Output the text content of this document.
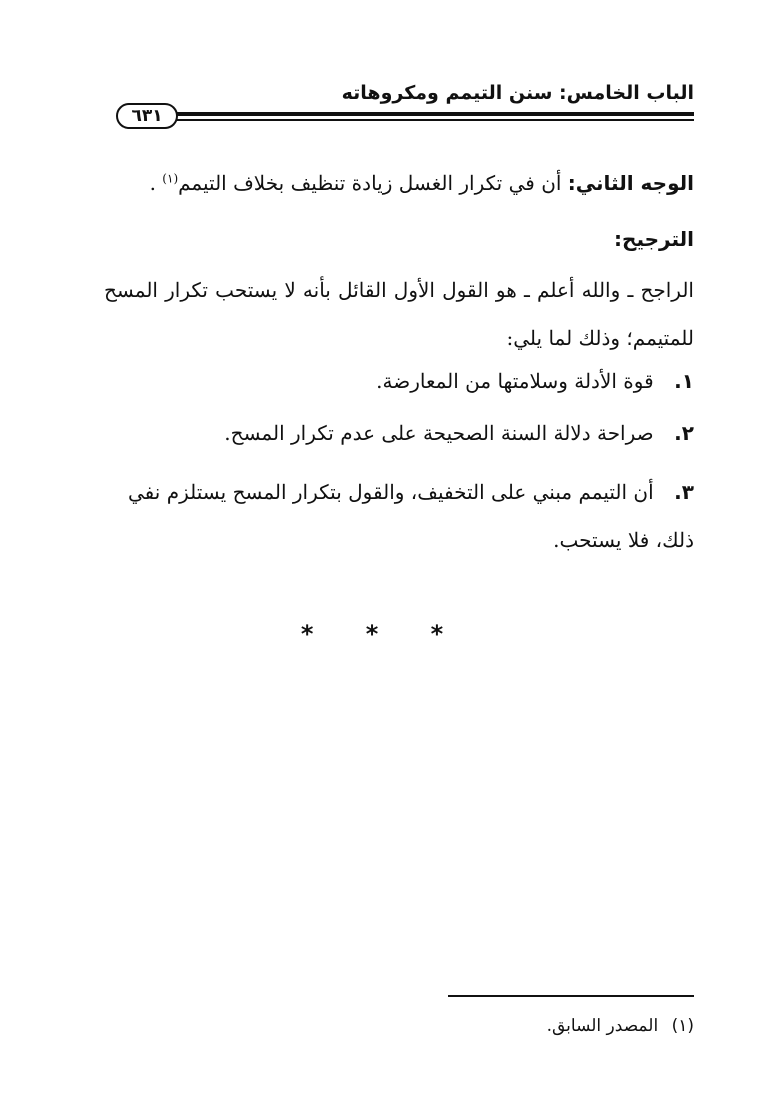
الباب الخامس: سنن التيمم ومكروهاته
٦٣١
الوجه الثاني: أن في تكرار الغسل زيادة تنظيف بخلاف التيمم$^{(١)}$ .
الترجيح:
الراجح ـ والله أعلم ـ هو القول الأول القائل بأنه لا يستحب تكرار المسح للمتيمم؛ وذلك لما يلي:
١. قوة الأدلة وسلامتها من المعارضة.
٢. صراحة دلالة السنة الصحيحة على عدم تكرار المسح.
٣. أن التيمم مبني على التخفيف، والقول بتكرار المسح يستلزم نفي ذلك، فلا يستحب.
* * *
(١) المصدر السابق.
